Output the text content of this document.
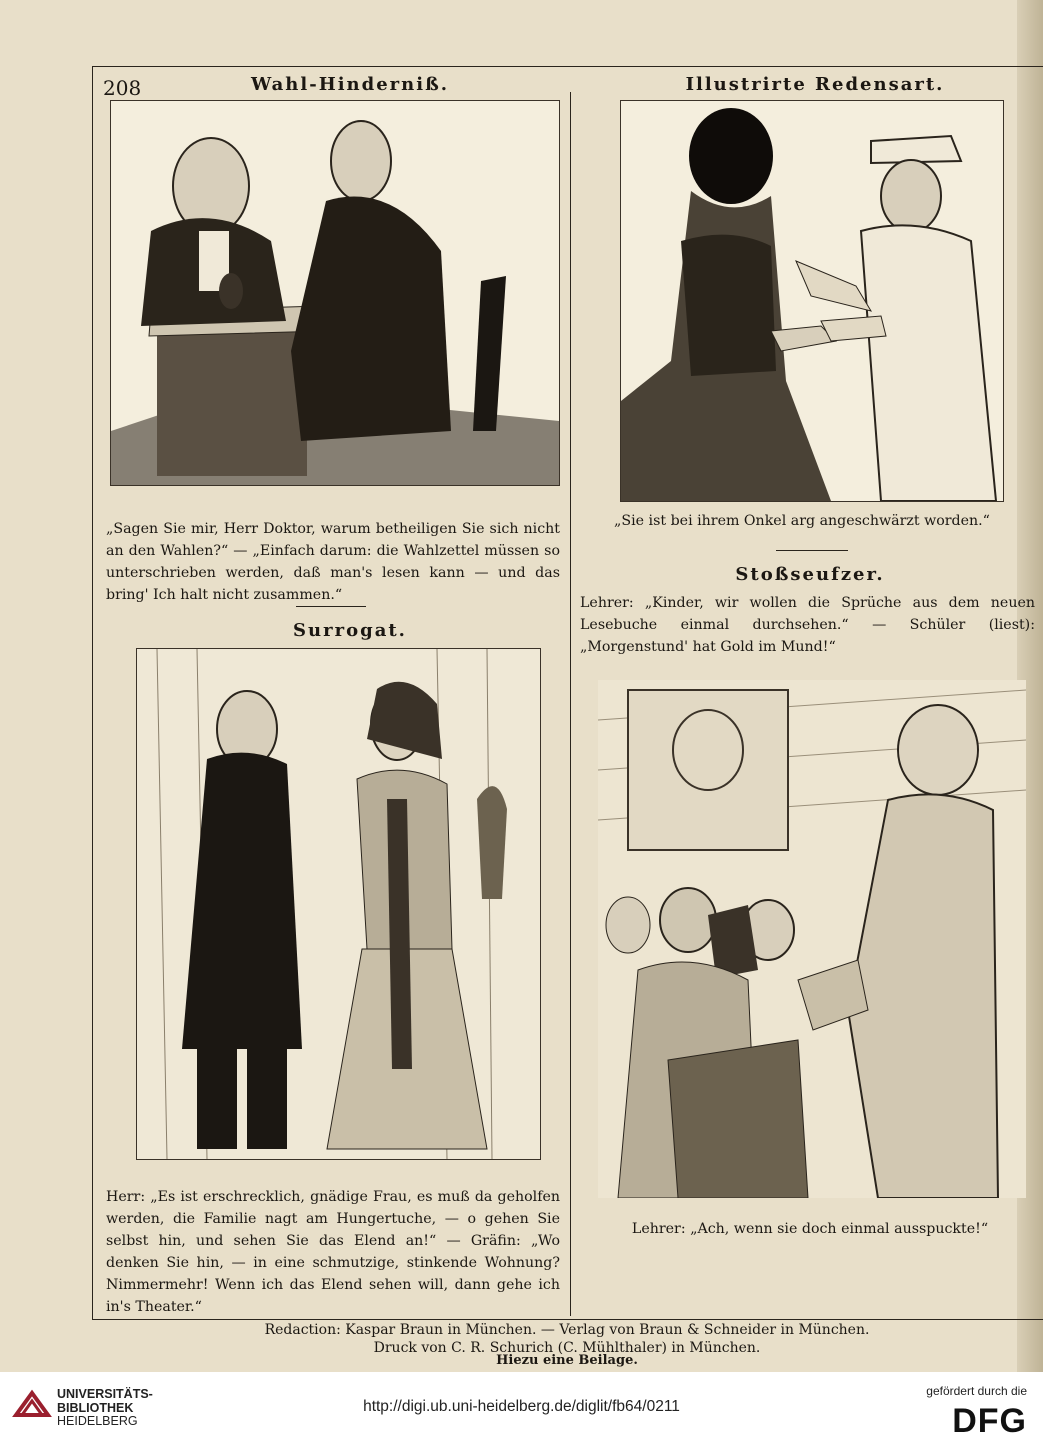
208	Wahl-Hinderniß.
„Sagen Sie mir, Herr Doktor, warum betheiligen Sie sich nicht an den Wahlen?“ — „Einfach darum: die Wahlzettel müssen so unterschrieben werden, daß man's lesen kann — und das bring' Ich halt nicht zusammen.“
Surrogat.
Herr: „Es ist erschrecklich, gnädige Frau, es muß da geholfen werden, die Familie nagt am Hungertuche, — o gehen Sie selbst hin, und sehen Sie das Elend an!“ — Gräfin: „Wo denken Sie hin, — in eine schmutzige, stinkende Wohnung? Nimmermehr! Wenn ich das Elend sehen will, dann gehe ich in's Theater.“
Illustrirte Redensart.
„Sie ist bei ihrem Onkel arg angeschwärzt worden.“
Stoßseufzer.
Lehrer: „Kinder, wir wollen die Sprüche aus dem neuen Lesebuche einmal durchsehen.“ — Schüler (liest): „Morgenstund' hat Gold im Mund!“
Lehrer: „Ach, wenn sie doch einmal ausspuckte!“
Redaction: Kaspar Braun in München. — Verlag von Braun & Schneider in München.
Druck von C. R. Schurich (C. Mühlthaler) in München.
Hiezu eine Beilage.
UNIVERSITÄTS-
BIBLIOTHEK
HEIDELBERG
http://digi.ub.uni-heidelberg.de/diglit/fb64/0211
gefördert durch die
DFG
